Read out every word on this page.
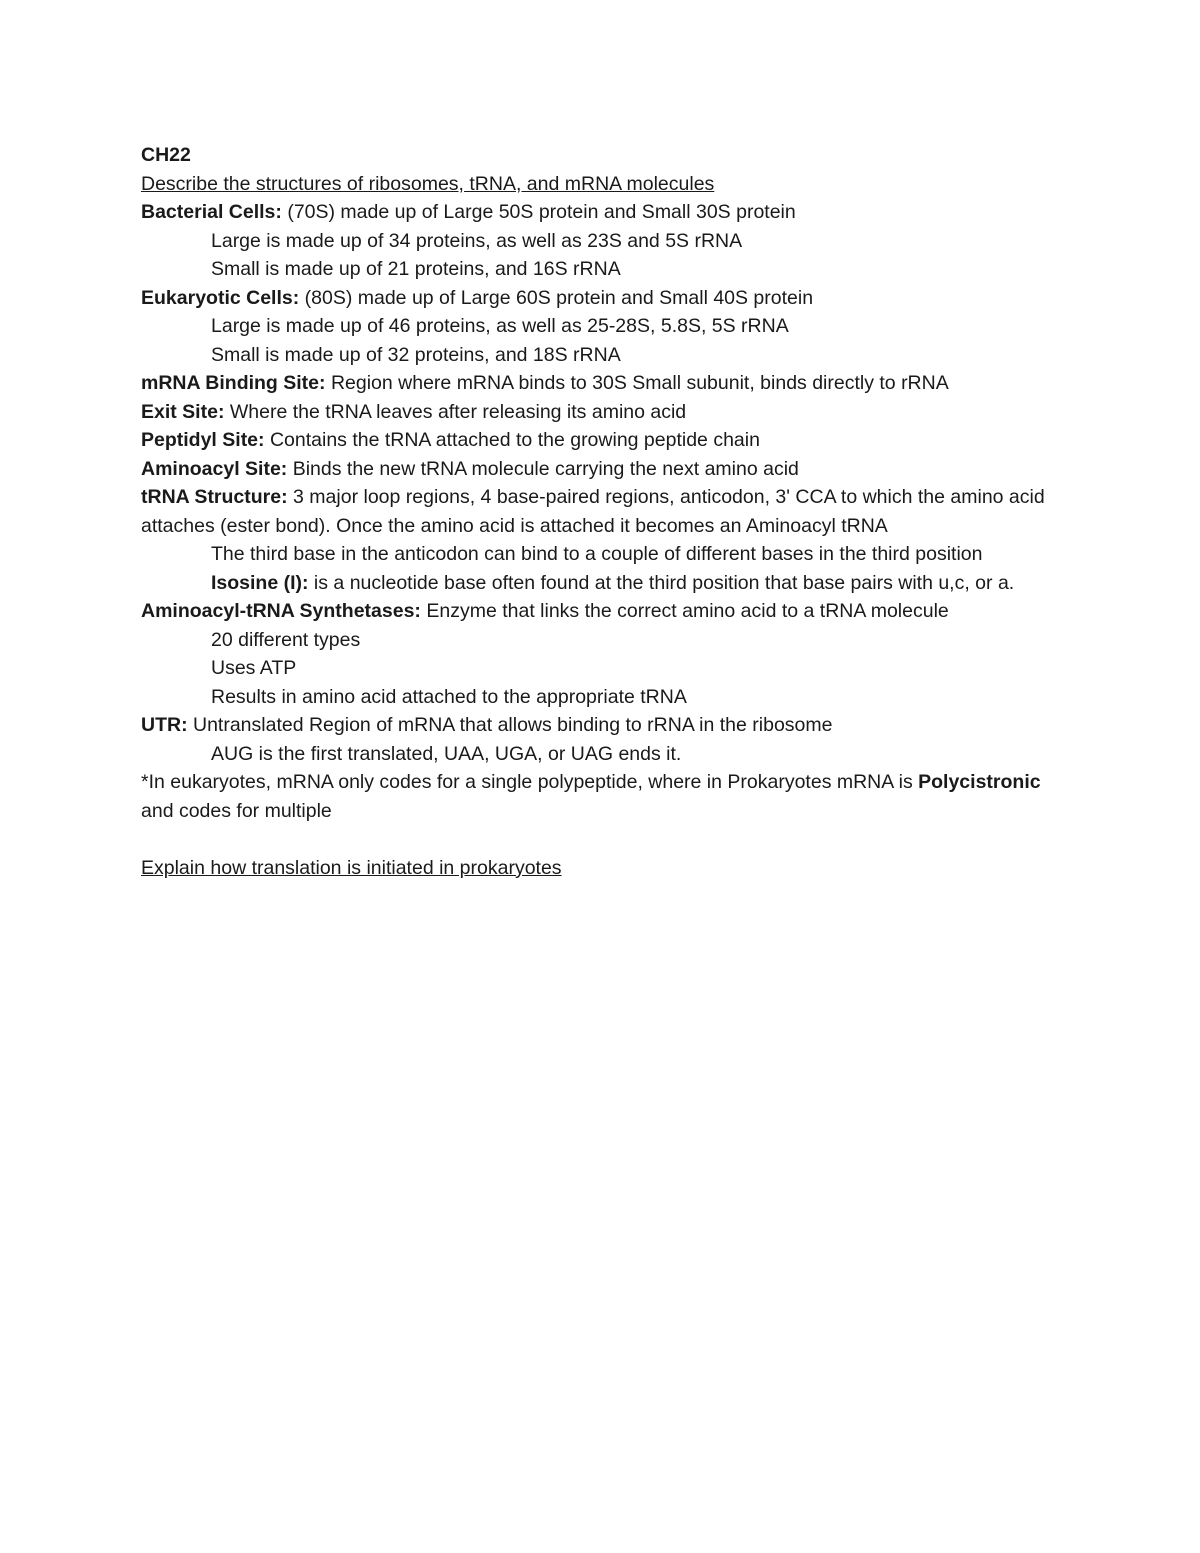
CH22
Describe the structures of ribosomes, tRNA, and mRNA molecules
Bacterial Cells: (70S) made up of Large 50S protein and Small 30S protein
Large is made up of 34 proteins, as well as 23S and 5S rRNA
Small is made up of 21 proteins, and 16S rRNA
Eukaryotic Cells: (80S) made up of Large 60S protein and Small 40S protein
Large is made up of 46 proteins, as well as 25-28S, 5.8S, 5S rRNA
Small is made up of 32 proteins, and 18S rRNA
mRNA Binding Site: Region where mRNA binds to 30S Small subunit, binds directly to rRNA
Exit Site: Where the tRNA leaves after releasing its amino acid
Peptidyl Site: Contains the tRNA attached to the growing peptide chain
Aminoacyl Site: Binds the new tRNA molecule carrying the next amino acid
tRNA Structure: 3 major loop regions, 4 base-paired regions, anticodon, 3' CCA to which the amino acid attaches (ester bond). Once the amino acid is attached it becomes an Aminoacyl tRNA
The third base in the anticodon can bind to a couple of different bases in the third position
Isosine (I): is a nucleotide base often found at the third position that base pairs with u,c, or a.
Aminoacyl-tRNA Synthetases: Enzyme that links the correct amino acid to a tRNA molecule
20 different types
Uses ATP
Results in amino acid attached to the appropriate tRNA
UTR: Untranslated Region of mRNA that allows binding to rRNA in the ribosome
AUG is the first translated, UAA, UGA, or UAG ends it.
*In eukaryotes, mRNA only codes for a single polypeptide, where in Prokaryotes mRNA is Polycistronic and codes for multiple
Explain how translation is initiated in prokaryotes
